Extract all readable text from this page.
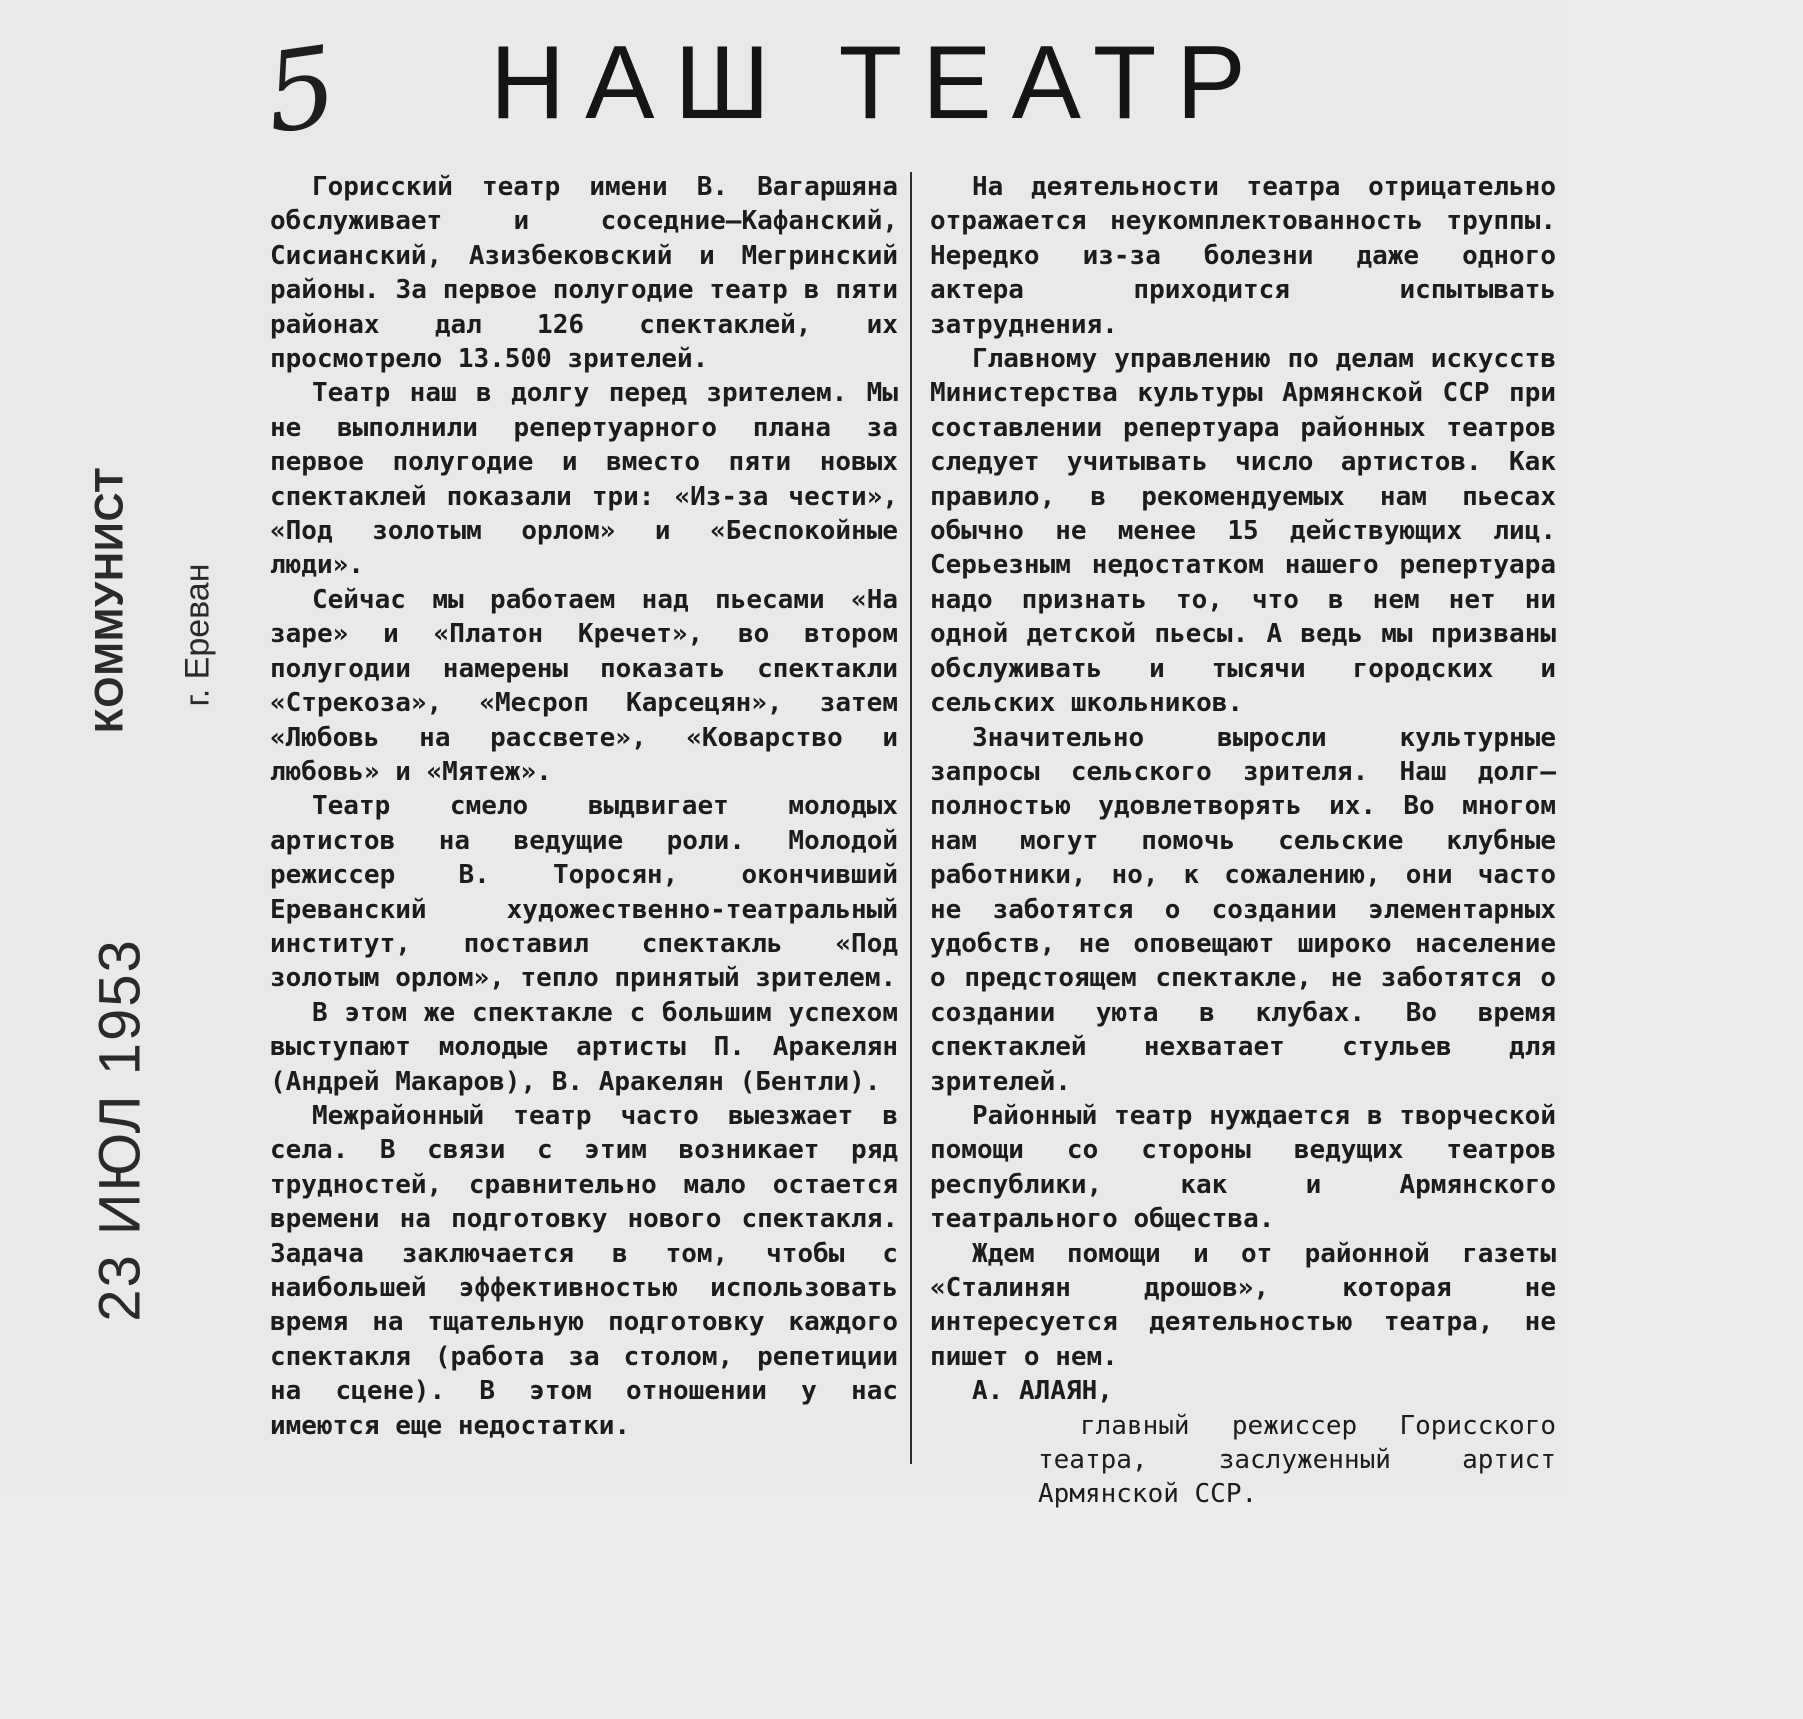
5 НАШ ТЕАТР
КОММУНИСТ г. Ереван
23 ИЮЛ 1953

Горисский театр имени В. Вагаршяна обслуживает и соседние—Кафанский, Сисианский, Азизбековский и Мегринский районы. За первое полугодие театр в пяти районах дал 126 спектаклей, их просмотрело 13.500 зрителей.

Театр наш в долгу перед зрителем. Мы не выполнили репертуарного плана за первое полугодие и вместо пяти новых спектаклей показали три: «Из-за чести», «Под золотым орлом» и «Беспокойные люди».

Сейчас мы работаем над пьесами «На заре» и «Платон Кречет», во втором полугодии намерены показать спектакли «Стрекоза», «Месроп Карсецян», затем «Любовь на рассвете», «Коварство и любовь» и «Мятеж».

Театр смело выдвигает молодых артистов на ведущие роли. Молодой режиссер В. Торосян, окончивший Ереванский художественно-театральный институт, поставил спектакль «Под золотым орлом», тепло принятый зрителем.

В этом же спектакле с большим успехом выступают молодые артисты П. Аракелян (Андрей Макаров), В. Аракелян (Бентли).

Межрайонный театр часто выезжает в села. В связи с этим возникает ряд трудностей, сравнительно мало остается времени на подготовку нового спектакля. Задача заключается в том, чтобы с наибольшей эффективностью использовать время на тщательную подготовку каждого спектакля (работа за столом, репетиции на сцене). В этом отношении у нас имеются еще недостатки.

На деятельности театра отрицательно отражается неукомплектованность труппы. Нередко из-за болезни даже одного актера приходится испытывать затруднения.

Главному управлению по делам искусств Министерства культуры Армянской ССР при составлении репертуара районных театров следует учитывать число артистов. Как правило, в рекомендуемых нам пьесах обычно не менее 15 действующих лиц. Серьезным недостатком нашего репертуара надо признать то, что в нем нет ни одной детской пьесы. А ведь мы призваны обслуживать и тысячи городских и сельских школьников.

Значительно выросли культурные запросы сельского зрителя. Наш долг—полностью удовлетворять их. Во многом нам могут помочь сельские клубные работники, но, к сожалению, они часто не заботятся о создании элементарных удобств, не оповещают широко население о предстоящем спектакле, не заботятся о создании уюта в клубах. Во время спектаклей нехватает стульев для зрителей.

Районный театр нуждается в творческой помощи со стороны ведущих театров республики, как и Армянского театрального общества.

Ждем помощи и от районной газеты «Сталинян дрошов», которая не интересуется деятельностью театра, не пишет о нем.

А. АЛАЯН,

главный режиссер Горисского театра, заслуженный артист Армянской ССР.
